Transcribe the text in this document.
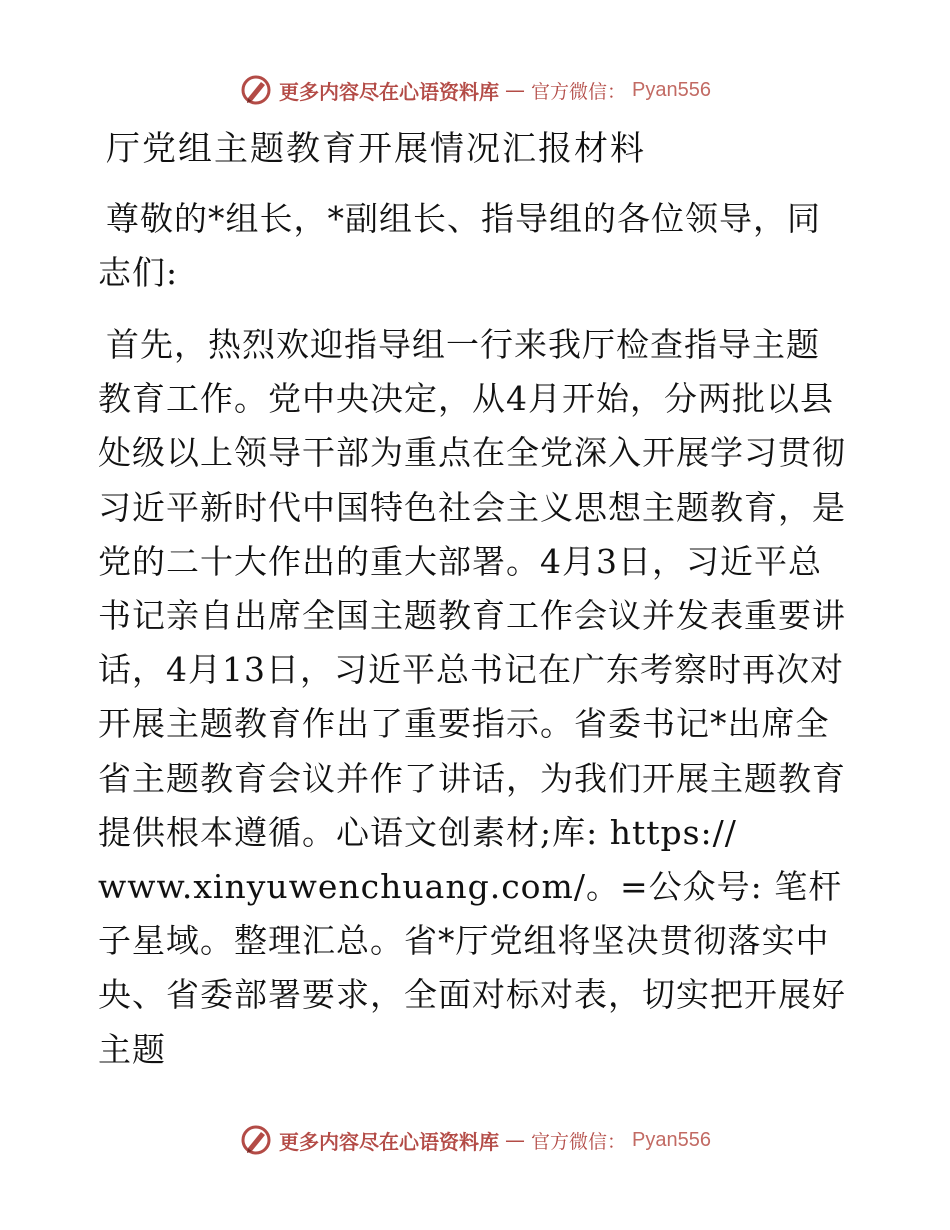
更多内容尽在心语资料库 — 官方微信： Pyan556
厅党组主题教育开展情况汇报材料

尊敬的*组长，*副组长、指导组的各位领导，同志们:

首先，热烈欢迎指导组一行来我厅检查指导主题教育工作。党中央决定，从4月开始，分两批以县处级以上领导干部为重点在全党深入开展学习贯彻习近平新时代中国特色社会主义思想主题教育，是党的二十大作出的重大部署。4月3日，习近平总书记亲自出席全国主题教育工作会议并发表重要讲话，4月13日，习近平总书记在广东考察时再次对开展主题教育作出了重要指示。省委书记*出席全省主题教育会议并作了讲话，为我们开展主题教育提供根本遵循。心语文创素材;库: https:// www.xinyuwenchuang.com/。=公众号: 笔杆子星域。整理汇总。省*厅党组将坚决贯彻落实中央、省委部署要求，全面对标对表，切实把开展好主题

更多内容尽在心语资料库 — 官方微信： Pyan556
